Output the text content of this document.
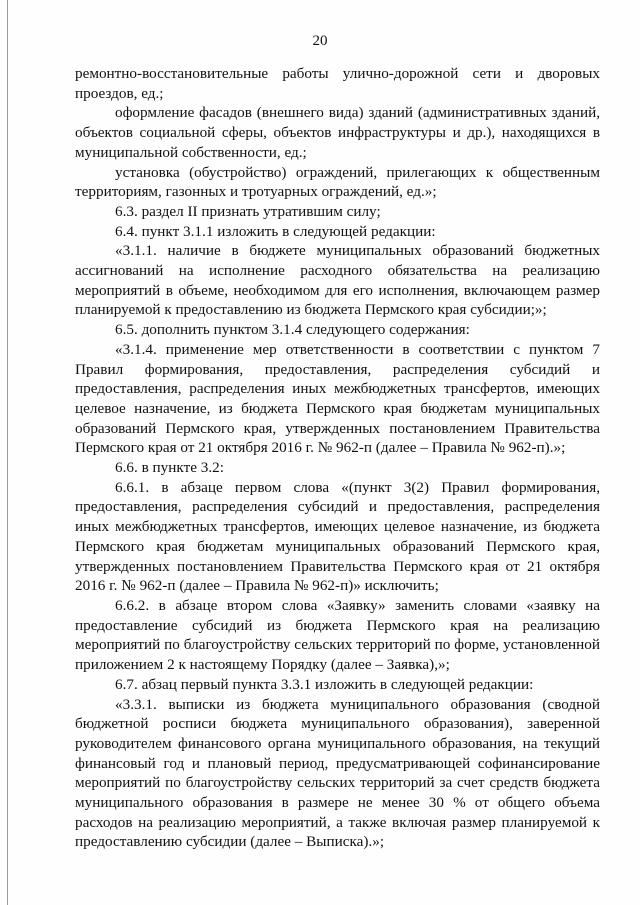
20

ремонтно-восстановительные работы улично-дорожной сети и дворовых проездов, ед.;

оформление фасадов (внешнего вида) зданий (административных зданий, объектов социальной сферы, объектов инфраструктуры и др.), находящихся в муниципальной собственности, ед.;

установка (обустройство) ограждений, прилегающих к общественным территориям, газонных и тротуарных ограждений, ед.»;

6.3. раздел II признать утратившим силу;

6.4. пункт 3.1.1 изложить в следующей редакции:

«3.1.1. наличие в бюджете муниципальных образований бюджетных ассигнований на исполнение расходного обязательства на реализацию мероприятий в объеме, необходимом для его исполнения, включающем размер планируемой к предоставлению из бюджета Пермского края субсидии;»;

6.5. дополнить пунктом 3.1.4 следующего содержания:

«3.1.4. применение мер ответственности в соответствии с пунктом 7 Правил формирования, предоставления, распределения субсидий и предоставления, распределения иных межбюджетных трансфертов, имеющих целевое назначение, из бюджета Пермского края бюджетам муниципальных образований Пермского края, утвержденных постановлением Правительства Пермского края от 21 октября 2016 г. № 962-п (далее – Правила № 962-п).»;

6.6. в пункте 3.2:

6.6.1. в абзаце первом слова «(пункт 3(2) Правил формирования, предоставления, распределения субсидий и предоставления, распределения иных межбюджетных трансфертов, имеющих целевое назначение, из бюджета Пермского края бюджетам муниципальных образований Пермского края, утвержденных постановлением Правительства Пермского края от 21 октября 2016 г. № 962-п (далее – Правила № 962-п)» исключить;

6.6.2. в абзаце втором слова «Заявку» заменить словами «заявку на предоставление субсидий из бюджета Пермского края на реализацию мероприятий по благоустройству сельских территорий по форме, установленной приложением 2 к настоящему Порядку (далее – Заявка),»;

6.7. абзац первый пункта 3.3.1 изложить в следующей редакции:

«3.3.1. выписки из бюджета муниципального образования (сводной бюджетной росписи бюджета муниципального образования), заверенной руководителем финансового органа муниципального образования, на текущий финансовый год и плановый период, предусматривающей софинансирование мероприятий по благоустройству сельских территорий за счет средств бюджета муниципального образования в размере не менее 30 % от общего объема расходов на реализацию мероприятий, а также включая размер планируемой к предоставлению субсидии (далее – Выписка).»;
